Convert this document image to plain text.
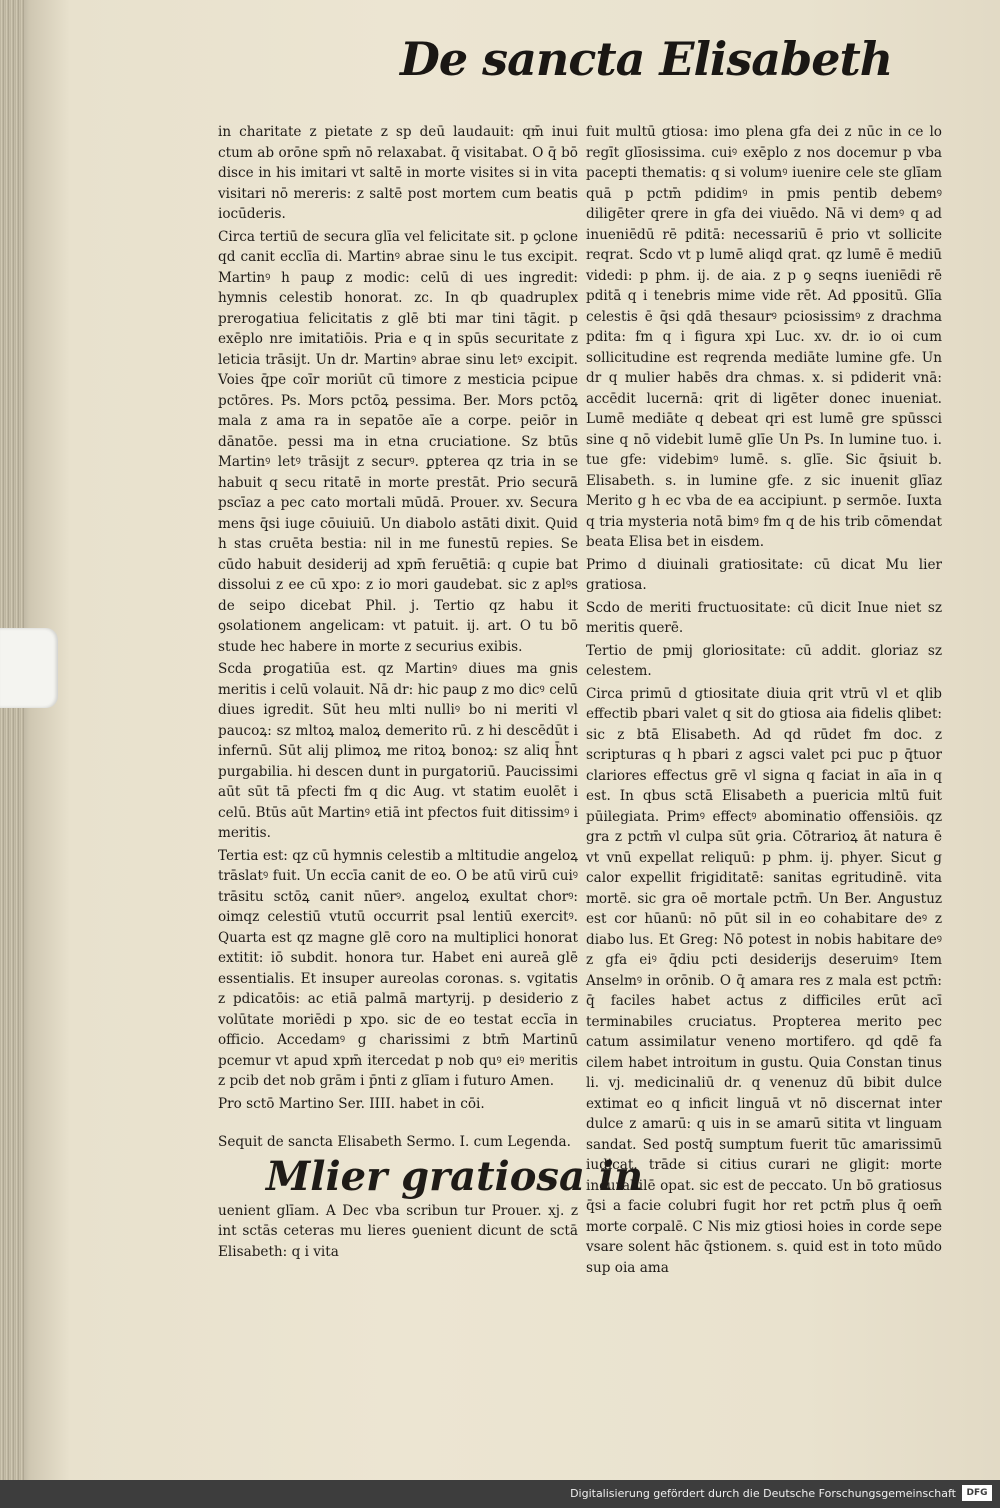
De sancta Elisabeth

in charitate z pietate z sp deū laudauit: qm̄ inui ctum ab orōne spm̄ nō relaxabat. q̄ visitabat. O q̄ bō disce in his imitari vt saltē in morte visites si in vita visitari nō mereris: z saltē post mortem cum beatis iocūderis.

Circa tertiū de secura glīa vel felicitate sit. p ꝯclone qd canit ecclīa di. Martinꝰ abrae sinu le tus excipit. Martinꝰ h pauꝑ z modic: celū di ues ingredit: hymnis celestib honorat. zc. In qb quadruplex prerogatiua felicitatis z glē bti mar tini tāgit. p exēplo nre imitatiōis. Pria e q in spūs securitate z leticia trāsijt. Un dr. Martinꝰ abrae sinu letꝰ excipit. Voies q̄pe coīr moriūt cū timore z mesticia pcipue pctōres. Ps. Mors pctōꝝ pessima. Ber. Mors pctōꝝ mala z ama ra in sepatōe aīe a corpe. peiōr in dānatōe. pessi ma in etna cruciatione. Sz btūs Martinꝰ letꝰ trāsijt z securꝰ. ꝑpterea qz tria in se habuit q secu ritatē in morte prestāt. Prio securā pscīaz a pec cato mortali mūdā. Prouer. xv. Secura mens q̄si iuge cōuiuiū. Un diabolo astāti dixit. Quid h stas cruēta bestia: nil in me funestū repies. Se cūdo habuit desiderij ad xpm̄ feruētiā: q cupie bat dissolui z ee cū xpo: z io mori gaudebat. sic z aplꝰs de seipo dicebat Phil. j. Tertio qz habu it ꝯsolationem angelicam: vt patuit. ij. art. O tu bō stude hec habere in morte z securius exibis.

Scda ꝑrogatiūa est. qz Martinꝰ diues ma gnis meritis i celū volauit. Nā dr: hic pauꝑ z mo dicꝰ celū diues igredit. Sūt heu mlti nulliꝰ bo ni meriti vl paucoꝝ: sz mltoꝝ maloꝝ demerito rū. z hi descēdūt i infernū. Sūt alij plimoꝝ me ritoꝝ bonoꝝ: sz aliq h̄nt purgabilia. hi descen dunt in purgatoriū. Paucissimi aūt sūt tā pfecti fm q dic Aug. vt statim euolēt i celū. Btūs aūt Martinꝰ etiā int pfectos fuit ditissimꝰ i meritis.

Tertia est: qz cū hymnis celestib a mltitudie angeloꝝ trāslatꝰ fuit. Un eccīa canit de eo. O be atū virū cuiꝰ trāsitu sctōꝝ canit nūerꝰ. angeloꝝ exultat chorꝰ: oimqz celestiū vtutū occurrit psal lentiū exercitꝰ. Quarta est qz magne glē coro na multiplici honorat extitit: iō subdit. honora tur. Habet eni aureā glē essentialis. Et insuper aureolas coronas. s. vgitatis z pdicatōis: ac etiā palmā martyrij. p desiderio z volūtate moriēdi p xpo. sic de eo testat eccīa in officio. Accedamꝰ g charissimi z btm̄ Martinū pcemur vt apud xpm̄ itercedat p nob quꝰ eiꝰ meritis z pcib det nob grām i p̄nti z glīam i futuro Amen.

Pro sctō Martino Ser. IIII. habet in cōi.

Sequit de sancta Elisabeth Sermo. I. cum Legenda.

Mlier gratiosa in

uenient glīam. A Dec vba scribun tur Prouer. xj. z int sctās ceteras mu lieres ꝯuenient dicunt de sctā Elisabeth: q i vita

fuit multū gtiosa: imo plena gfa dei z nūc in ce lo regīt glīosissima. cuiꝰ exēplo z nos docemur p vba pacepti thematis: q si volumꝰ iuenire cele ste glīam quā p pctm̄ pdidimꝰ in pmis pentib debemꝰ diligēter qrere in gfa dei viuēdo. Nā vi demꝰ q ad inueniēdū rē pditā: necessariū ē prio vt sollicite reqrat. Scdo vt p lumē aliqd qrat. qz lumē ē mediū videdi: p phm. ij. de aia. z p ꝯ seqns iueniēdi rē pditā q i tenebris mime vide rēt. Ad ꝑpositū. Glīa celestis ē q̄si qdā thesaurꝰ pciosissimꝰ z drachma pdita: fm q i figura xpi Luc. xv. dr. io oi cum sollicitudine est reqrenda mediāte lumine gfe. Un dr q mulier habēs dra chmas. x. si pdiderit vnā: accēdit lucernā: qrit di ligēter donec inueniat. Lumē mediāte q debeat qri est lumē gre spūssci sine q nō videbit lumē glīe Un Ps. In lumine tuo. i. tue gfe: videbimꝰ lumē. s. glīe. Sic q̄siuit b. Elisabeth. s. in lumine gfe. z sic inuenit glīaz Merito g h ec vba de ea accipiunt. p sermōe. Iuxta q tria mysteria notā bimꝰ fm q de his trib cōmendat beata Elisa bet in eisdem.

Primo d diuinali gratiositate: cū dicat Mu lier gratiosa.

Scdo de meriti fructuositate: cū dicit Inue niet sz meritis querē.

Tertio de pmij gloriositate: cū addit. gloriaz sz celestem.

Circa primū d gtiositate diuia qrit vtrū vl et qlib effectib pbari valet q sit do gtiosa aia fidelis qlibet: sic z btā Elisabeth. Ad qd rūdet fm doc. z scripturas q h pbari z agsci valet pci puc p q̄tuor clariores effectus grē vl signa q faciat in aīa in q est. In qbus sctā Elisabeth a puericia mltū fuit pūilegiata. Primꝰ effectꝰ abominatio offensiōis. qz gra z pctm̄ vl culpa sūt ꝯria. Cōtrarioꝝ āt natura ē vt vnū expellat reliquū: p phm. ij. phyer. Sicut g calor expellit frigiditatē: sanitas egritudinē. vita mortē. sic gra oē mortale pctm̄. Un Ber. Angustuz est cor hūanū: nō pūt sil in eo cohabitare deꝰ z diabo lus. Et Greg: Nō potest in nobis habitare deꝰ z gfa eiꝰ q̄diu pcti desiderijs deseruimꝰ Item Anselmꝰ in orōnib. O q̄ amara res z mala est pctm̄: q̄ faciles habet actus z difficiles erūt acī terminabiles cruciatus. Propterea merito pec catum assimilatur veneno mortifero. qd qdē fa cilem habet introitum in gustu. Quia Constan tinus li. vj. medicinaliū dr. q venenuz dū bibit dulce extimat eo q inficit linguā vt nō discernat inter dulce z amarū: q uis in se amarū sitita vt linguam sandat. Sed postq̄ sumptum fuerit tūc amarissimū iudicat. trāde si citius curari ne gligit: morte incurabilē opat. sic est de peccato. Un bō gratiosus q̄si a facie colubri fugit hor ret pctm̄ plus q̄ oem̄ morte corpalē. C Nis miz gtiosi hoies in corde sepe vsare solent hāc q̄stionem. s. quid est in toto mūdo sup oia ama

Digitalisierung gefördert durch die Deutsche Forschungsgemeinschaft	DFG
